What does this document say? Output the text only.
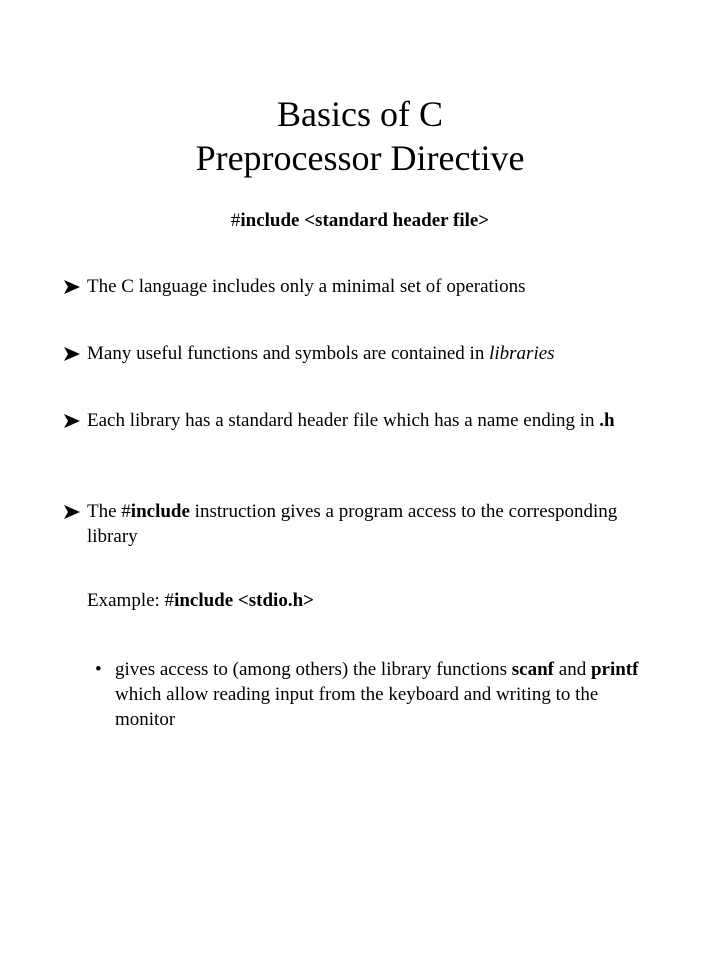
Basics of C
Preprocessor Directive
#include <standard header file>
The C language includes only a minimal set of operations
Many useful functions and symbols are contained in libraries
Each library has a standard header file which has a name ending in .h
The #include instruction gives a program access to the corresponding library
Example: #include <stdio.h>
• gives access to (among others) the library functions scanf and printf which allow reading input from the keyboard and writing to the monitor
